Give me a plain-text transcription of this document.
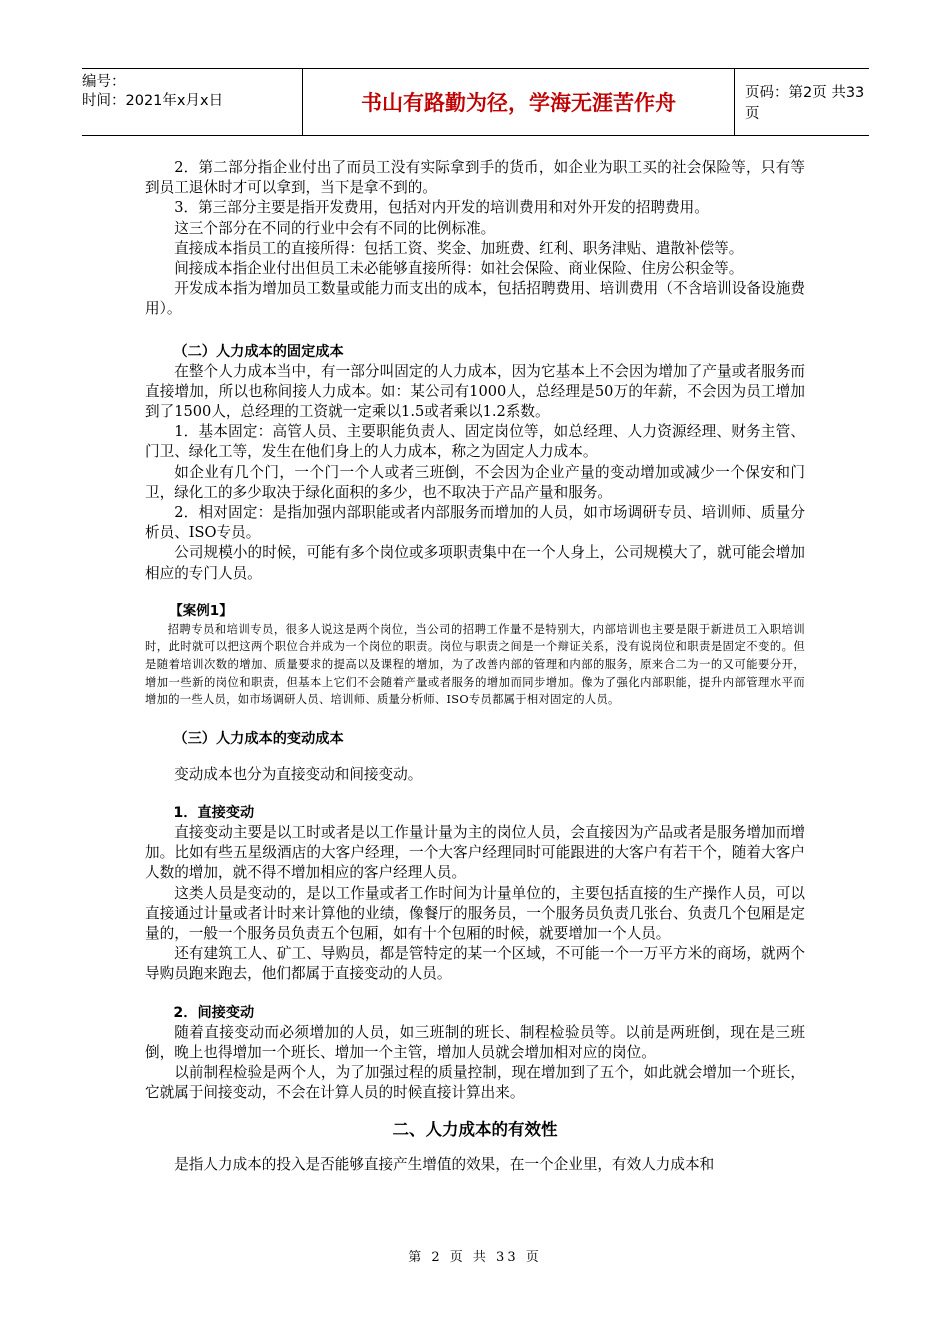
编号：
时间：2021年x月x日	书山有路勤为径，学海无涯苦作舟	页码：第2页 共33页

2．第二部分指企业付出了而员工没有实际拿到手的货币，如企业为职工买的社会保险等，只有等到员工退休时才可以拿到，当下是拿不到的。

3．第三部分主要是指开发费用，包括对内开发的培训费用和对外开发的招聘费用。

这三个部分在不同的行业中会有不同的比例标准。

直接成本指员工的直接所得：包括工资、奖金、加班费、红利、职务津贴、遣散补偿等。

间接成本指企业付出但员工未必能够直接所得：如社会保险、商业保险、住房公积金等。

开发成本指为增加员工数量或能力而支出的成本，包括招聘费用、培训费用（不含培训设备设施费用）。

（二）人力成本的固定成本

在整个人力成本当中，有一部分叫固定的人力成本，因为它基本上不会因为增加了产量或者服务而直接增加，所以也称间接人力成本。如：某公司有1000人，总经理是50万的年薪，不会因为员工增加到了1500人，总经理的工资就一定乘以1.5或者乘以1.2系数。

1．基本固定：高管人员、主要职能负责人、固定岗位等，如总经理、人力资源经理、财务主管、门卫、绿化工等，发生在他们身上的人力成本，称之为固定人力成本。

如企业有几个门，一个门一个人或者三班倒，不会因为企业产量的变动增加或减少一个保安和门卫，绿化工的多少取决于绿化面积的多少，也不取决于产品产量和服务。

2．相对固定：是指加强内部职能或者内部服务而增加的人员，如市场调研专员、培训师、质量分析员、ISO专员。

公司规模小的时候，可能有多个岗位或多项职责集中在一个人身上，公司规模大了，就可能会增加相应的专门人员。

【案例1】

招聘专员和培训专员，很多人说这是两个岗位，当公司的招聘工作量不是特别大，内部培训也主要是限于新进员工入职培训时，此时就可以把这两个职位合并成为一个岗位的职责。岗位与职责之间是一个辩证关系，没有说岗位和职责是固定不变的。但是随着培训次数的增加、质量要求的提高以及课程的增加，为了改善内部的管理和内部的服务，原来合二为一的又可能要分开，增加一些新的岗位和职责，但基本上它们不会随着产量或者服务的增加而同步增加。像为了强化内部职能，提升内部管理水平而增加的一些人员，如市场调研人员、培训师、质量分析师、ISO专员都属于相对固定的人员。

（三）人力成本的变动成本

变动成本也分为直接变动和间接变动。

1．直接变动

直接变动主要是以工时或者是以工作量计量为主的岗位人员，会直接因为产品或者是服务增加而增加。比如有些五星级酒店的大客户经理，一个大客户经理同时可能跟进的大客户有若干个，随着大客户人数的增加，就不得不增加相应的客户经理人员。

这类人员是变动的，是以工作量或者工作时间为计量单位的，主要包括直接的生产操作人员，可以直接通过计量或者计时来计算他的业绩，像餐厅的服务员，一个服务员负责几张台、负责几个包厢是定量的，一般一个服务员负责五个包厢，如有十个包厢的时候，就要增加一个人员。

还有建筑工人、矿工、导购员，都是管特定的某一个区域，不可能一个一万平方米的商场，就两个导购员跑来跑去，他们都属于直接变动的人员。

2．间接变动

随着直接变动而必须增加的人员，如三班制的班长、制程检验员等。以前是两班倒，现在是三班倒，晚上也得增加一个班长、增加一个主管，增加人员就会增加相对应的岗位。

以前制程检验是两个人，为了加强过程的质量控制，现在增加到了五个，如此就会增加一个班长，它就属于间接变动，不会在计算人员的时候直接计算出来。

二、人力成本的有效性

是指人力成本的投入是否能够直接产生增值的效果，在一个企业里，有效人力成本和

第 2 页 共 33 页
